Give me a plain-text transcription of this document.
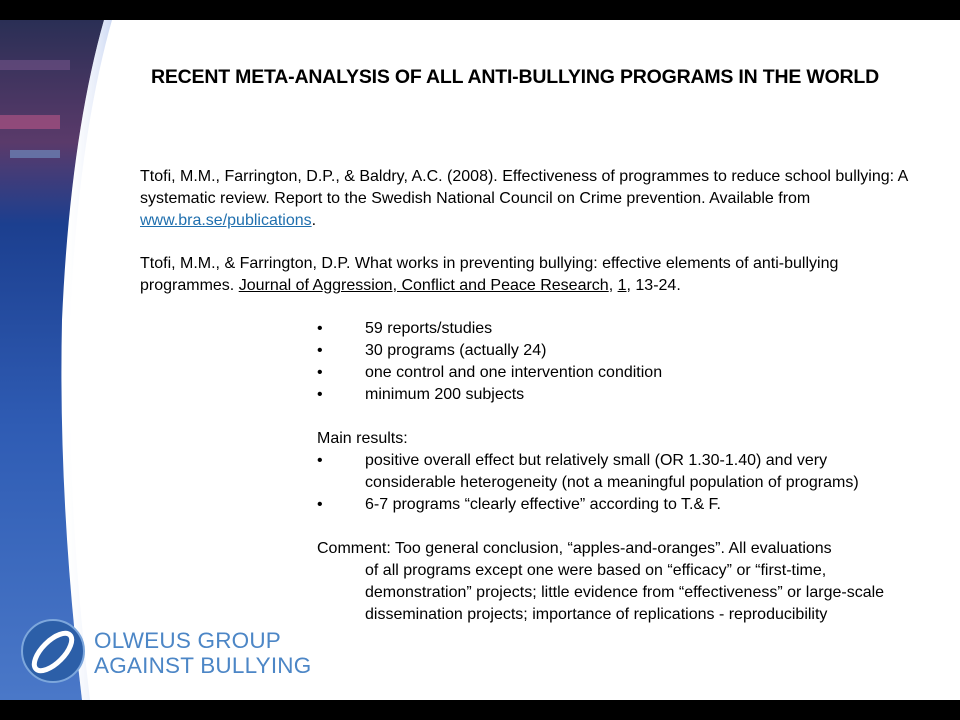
RECENT META-ANALYSIS OF ALL ANTI-BULLYING PROGRAMS IN THE WORLD
Ttofi, M.M., Farrington, D.P., & Baldry, A.C. (2008). Effectiveness of programmes to reduce school bullying: A systematic review. Report to the Swedish National Council on Crime prevention. Available from www.bra.se/publications.
Ttofi, M.M., & Farrington, D.P. What works in preventing bullying: effective elements of anti-bullying programmes. Journal of Aggression, Conflict and Peace Research, 1, 13-24.
•	59 reports/studies
•	30 programs (actually 24)
•	one control and one intervention condition
•	minimum 200 subjects
Main results:
•	positive overall effect but relatively small (OR 1.30-1.40) and very considerable heterogeneity (not a meaningful population of programs)
•	6-7 programs “clearly effective” according to T.& F.
Comment: Too general conclusion, “apples-and-oranges”. All evaluations
of all programs except one were based on “efficacy” or “first-time, demonstration” projects; little evidence from “effectiveness” or large-scale dissemination projects; importance of replications - reproducibility
OLWEUS GROUP
AGAINST BULLYING
